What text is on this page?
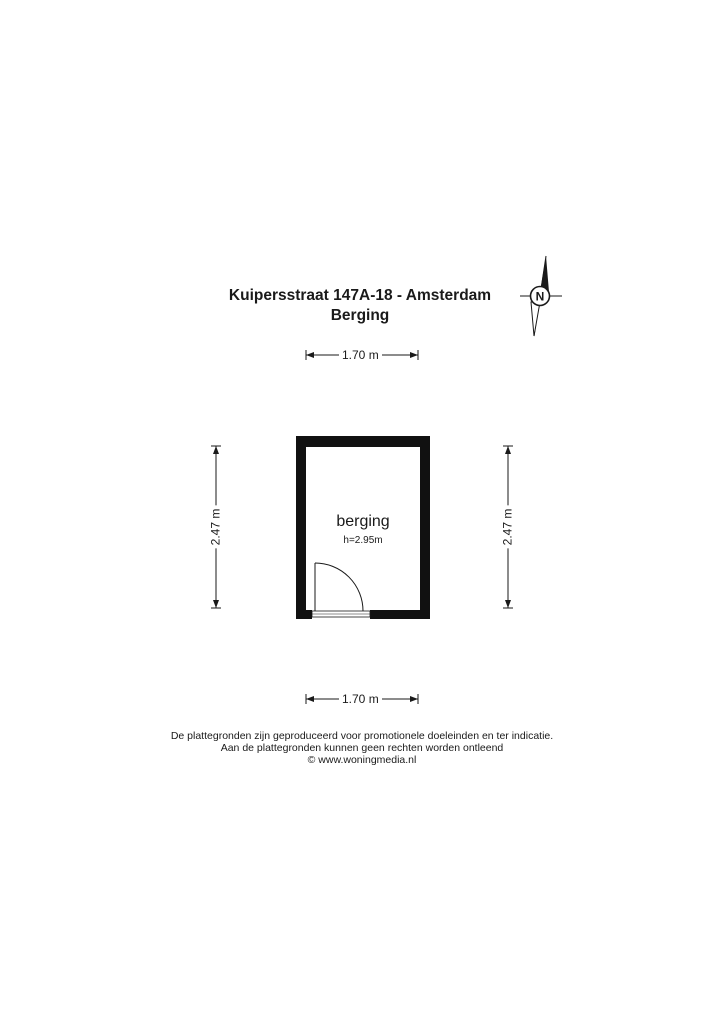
Kuipersstraat 147A-18 - Amsterdam
Berging
N
1.70 m
1.70 m
2.47 m	2.47 m
berging
h=2.95m
De plattegronden zijn geproduceerd voor promotionele doeleinden en ter indicatie.
Aan de plattegronden kunnen geen rechten worden ontleend
© www.woningmedia.nl
